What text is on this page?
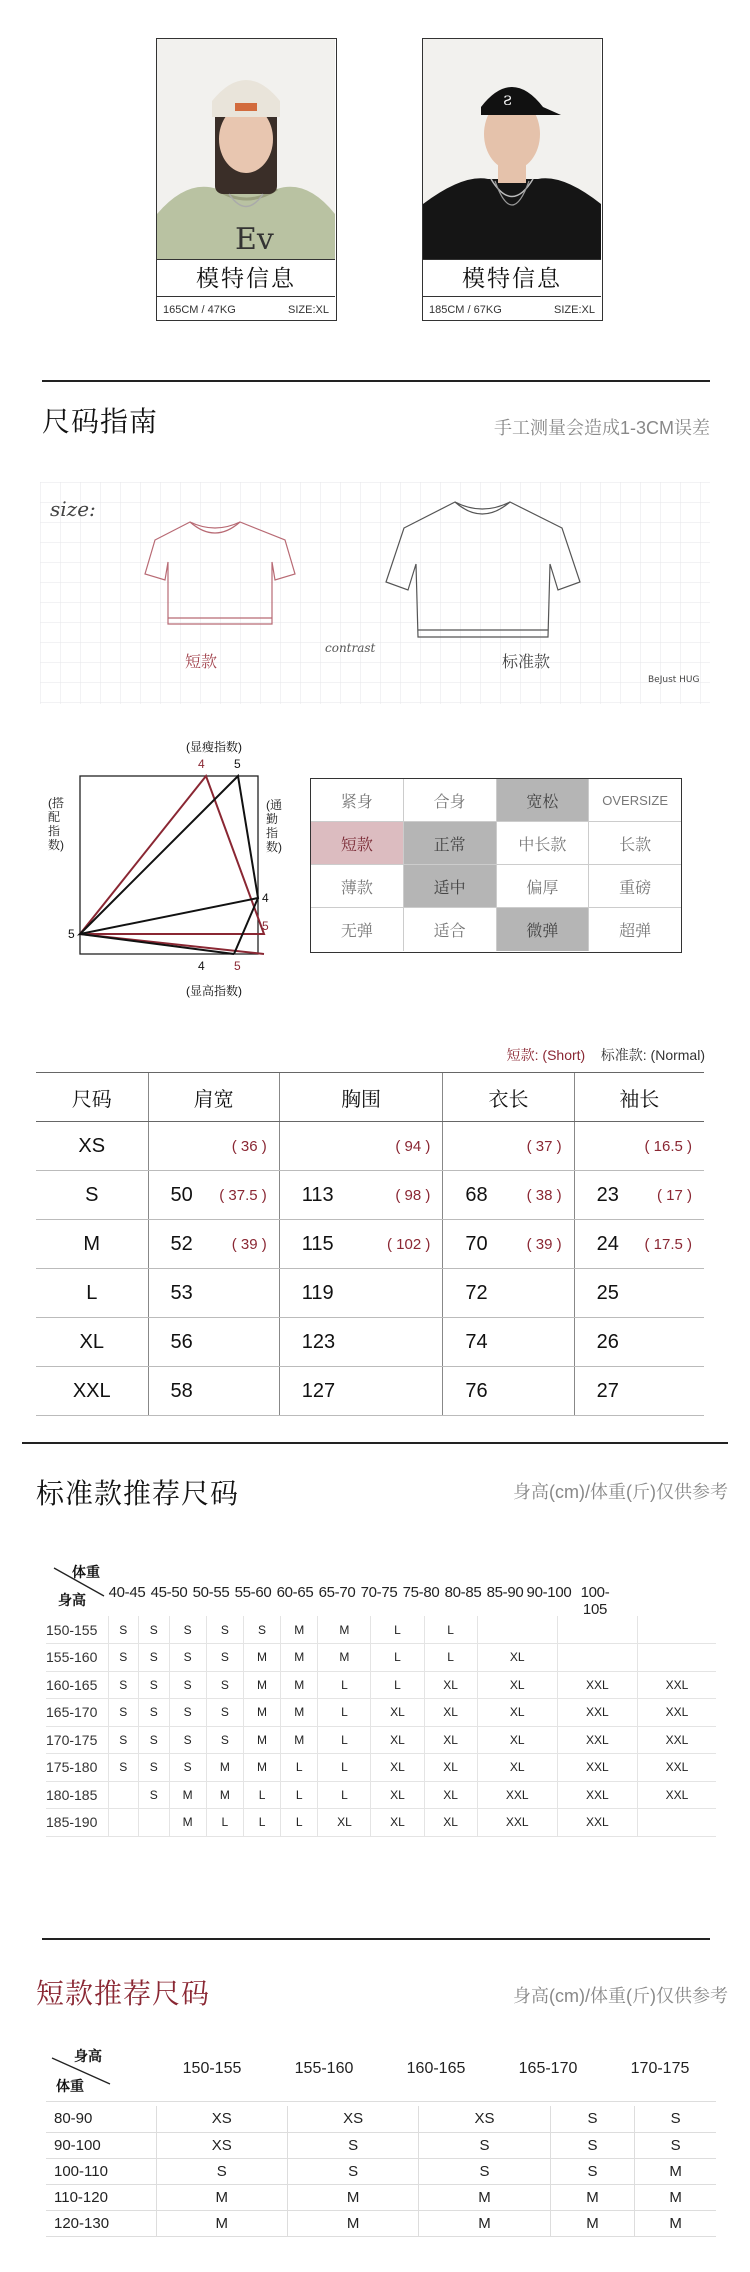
Ev
模特信息
165CM / 47KG	SIZE:XL
Ƨ
模特信息
185CM / 67KG	SIZE:XL
尺码指南	手工测量会造成1-3CM误差
size:
短款
contrast
标准款
BeJust HUG
4 5
4 5
5
4
5
(显瘦指数)
(显高指数)
(搭配指数)
(通勤指数)
紧身	合身	宽松	OVERSIZE
短款	正常	中长款	长款
薄款	适中	偏厚	重磅
无弹	适合	微弹	超弹
短款: (Short) 标准款: (Normal)
尺码	肩宽	胸围	衣长	袖长
XS	( 36 )	( 94 )	( 37 )	( 16.5 )

S	50 ( 37.5 )	113 ( 98 )	68 ( 38 )	23 ( 17 )

M	52 ( 39 )	115 ( 102 )	70 ( 39 )	24 ( 17.5 )

L	53	119	72	25

XL	56	123	74	26

XXL	58	127	76	27
标准款推荐尺码	身高(cm)/体重(斤)仅供参考
体重
身高 40-45 45-50 50-55 55-60 60-65 65-70 70-75 75-80 80-85 85-90 90-100 100-105
150-155	S	S	S	S	S	M	M	L	L			
155-160	S	S	S	S	M	M	M	L	L	XL		
160-165	S	S	S	S	M	M	L	L	XL	XL	XXL	XXL
165-170	S	S	S	S	M	M	L	XL	XL	XL	XXL	XXL
170-175	S	S	S	S	M	M	L	XL	XL	XL	XXL	XXL
175-180	S	S	S	M	M	L	L	XL	XL	XL	XXL	XXL
180-185		S	M	M	L	L	L	XL	XL	XXL	XXL	XXL
185-190			M	L	L	L	XL	XL	XL	XXL	XXL	
短款推荐尺码	身高(cm)/体重(斤)仅供参考
身高
体重
150-155	155-160	160-165	165-170	170-175
80-90	XS	XS	XS	S	S
90-100	XS	S	S	S	S
100-110	S	S	S	S	M
110-120	M	M	M	M	M
120-130	M	M	M	M	M
